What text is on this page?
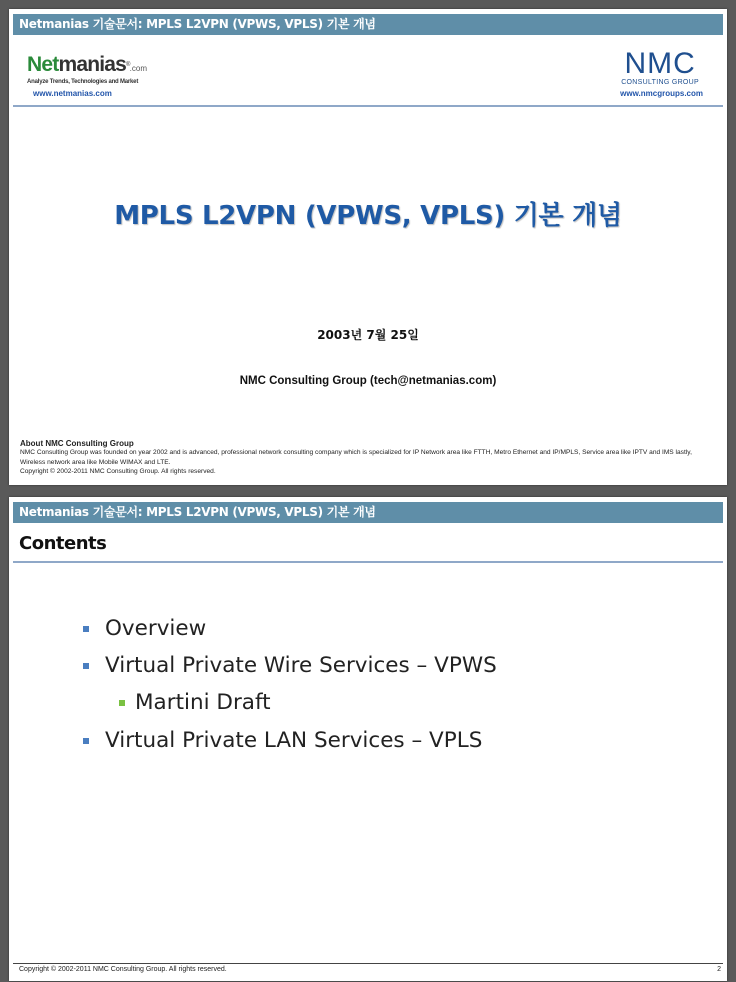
Netmanias 기술문서: MPLS L2VPN (VPWS, VPLS) 기본 개념
Netmanias®.com
Analyze Trends, Technologies and Market
www.netmanias.com
NMC
CONSULTING GROUP
www.nmcgroups.com
MPLS L2VPN (VPWS, VPLS) 기본 개념
2003년 7월 25일
NMC Consulting Group (tech@netmanias.com)
About NMC Consulting Group
NMC Consulting Group was founded on year 2002 and is advanced, professional network consulting company which is specialized for IP Network area like FTTH, Metro Ethernet and IP/MPLS, Service area like IPTV and IMS lastly, Wireless network area like Mobile WIMAX and LTE.
Copyright © 2002-2011 NMC Consulting Group. All rights reserved.
Netmanias 기술문서: MPLS L2VPN (VPWS, VPLS) 기본 개념
Contents
Overview
Virtual Private Wire Services – VPWS
Martini Draft
Virtual Private LAN Services – VPLS
Copyright © 2002-2011 NMC Consulting Group. All rights reserved.	2
